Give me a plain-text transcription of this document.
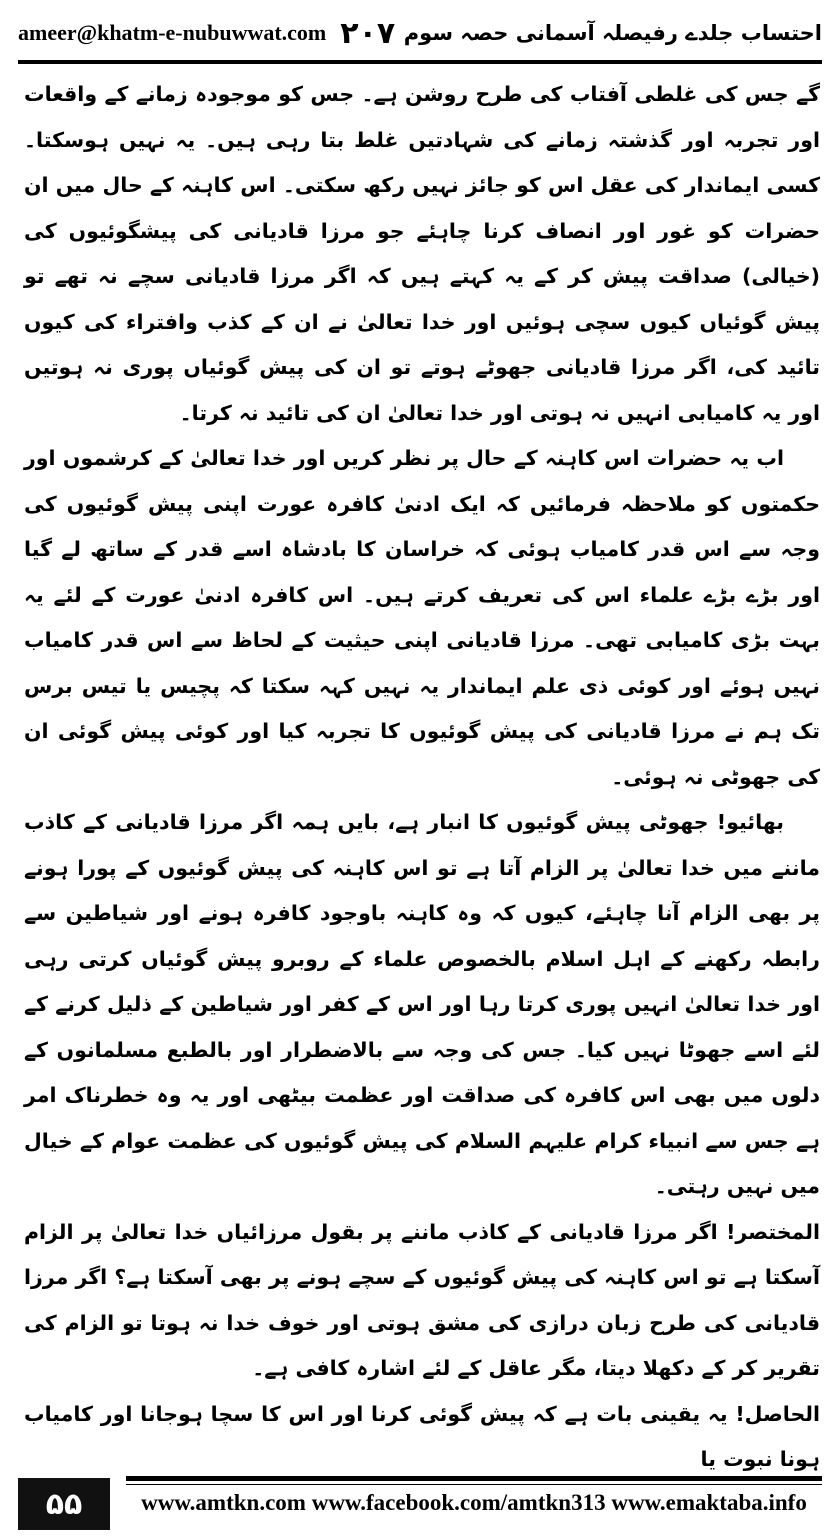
ameer@khatm-e-nubuwwat.com ۲۰۷ احتساب جلدے رفیصلہ آسمانی حصہ سوم

گے جس کی غلطی آفتاب کی طرح روشن ہے۔ جس کو موجودہ زمانے کے واقعات اور تجربہ اور گذشتہ زمانے کی شہادتیں غلط بتا رہی ہیں۔ یہ نہیں ہوسکتا۔ کسی ایماندار کی عقل اس کو جائز نہیں رکھ سکتی۔ اس کاہنہ کے حال میں ان حضرات کو غور اور انصاف کرنا چاہئے جو مرزا قادیانی کی پیشگوئیوں کی (خیالی) صداقت پیش کر کے یہ کہتے ہیں کہ اگر مرزا قادیانی سچے نہ تھے تو پیش گوئیاں کیوں سچی ہوئیں اور خدا تعالیٰ نے ان کے کذب وافتراء کی کیوں تائید کی، اگر مرزا قادیانی جھوٹے ہوتے تو ان کی پیش گوئیاں پوری نہ ہوتیں اور یہ کامیابی انہیں نہ ہوتی اور خدا تعالیٰ ان کی تائید نہ کرتا۔

اب یہ حضرات اس کاہنہ کے حال پر نظر کریں اور خدا تعالیٰ کے کرشموں اور حکمتوں کو ملاحظہ فرمائیں کہ ایک ادنیٰ کافرہ عورت اپنی پیش گوئیوں کی وجہ سے اس قدر کامیاب ہوئی کہ خراسان کا بادشاہ اسے قدر کے ساتھ لے گیا اور بڑے بڑے علماء اس کی تعریف کرتے ہیں۔ اس کافرہ ادنیٰ عورت کے لئے یہ بہت بڑی کامیابی تھی۔ مرزا قادیانی اپنی حیثیت کے لحاظ سے اس قدر کامیاب نہیں ہوئے اور کوئی ذی علم ایماندار یہ نہیں کہہ سکتا کہ پچیس یا تیس برس تک ہم نے مرزا قادیانی کی پیش گوئیوں کا تجربہ کیا اور کوئی پیش گوئی ان کی جھوٹی نہ ہوئی۔

بھائیو! جھوٹی پیش گوئیوں کا انبار ہے، بایں ہمہ اگر مرزا قادیانی کے کاذب ماننے میں خدا تعالیٰ پر الزام آتا ہے تو اس کاہنہ کی پیش گوئیوں کے پورا ہونے پر بھی الزام آنا چاہئے، کیوں کہ وہ کاہنہ باوجود کافرہ ہونے اور شیاطین سے رابطہ رکھنے کے اہل اسلام بالخصوص علماء کے روبرو پیش گوئیاں کرتی رہی اور خدا تعالیٰ انہیں پوری کرتا رہا اور اس کے کفر اور شیاطین کے ذلیل کرنے کے لئے اسے جھوٹا نہیں کیا۔ جس کی وجہ سے بالاضطرار اور بالطبع مسلمانوں کے دلوں میں بھی اس کافرہ کی صداقت اور عظمت بیٹھی اور یہ وہ خطرناک امر ہے جس سے انبیاء کرام علیہم السلام کی پیش گوئیوں کی عظمت عوام کے خیال میں نہیں رہتی۔

المختصر! اگر مرزا قادیانی کے کاذب ماننے پر بقول مرزائیاں خدا تعالیٰ پر الزام آسکتا ہے تو اس کاہنہ کی پیش گوئیوں کے سچے ہونے پر بھی آسکتا ہے؟ اگر مرزا قادیانی کی طرح زبان درازی کی مشق ہوتی اور خوف خدا نہ ہوتا تو الزام کی تقریر کر کے دکھلا دیتا، مگر عاقل کے لئے اشارہ کافی ہے۔

الحاصل! یہ یقینی بات ہے کہ پیش گوئی کرنا اور اس کا سچا ہوجانا اور کامیاب ہونا نبوت یا

۵۵	www.amtkn.com www.facebook.com/amtkn313 www.emaktaba.info
